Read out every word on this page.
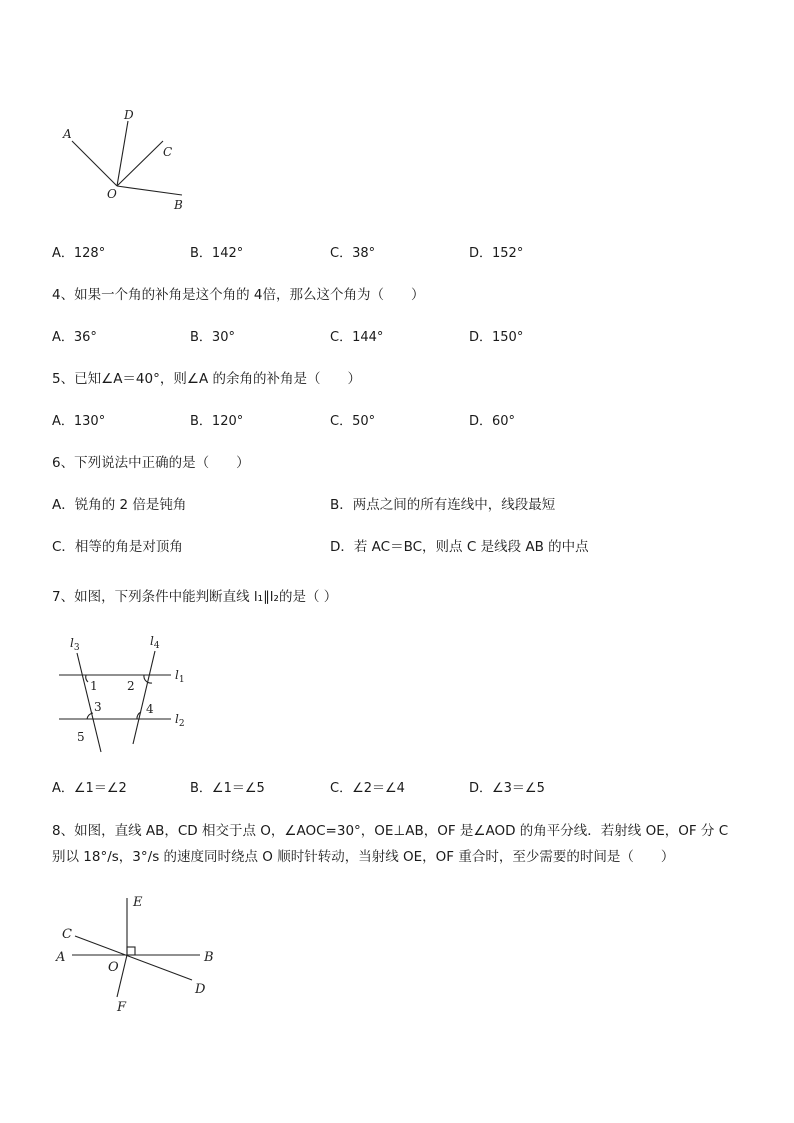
A
D
C
O
B
A．128°	B．142°	C．38°	D．152°
4、如果一个角的补角是这个角的 4倍，那么这个角为（　　）
A．36°	B．30°	C．144°	D．150°
5、已知∠A＝40°，则∠A 的余角的补角是（　　）
A．130°	B．120°	C．50°	D．60°
6、下列说法中正确的是（　　）
A．锐角的 2 倍是钝角	B．两点之间的所有连线中，线段最短
C．相等的角是对顶角	D．若 AC＝BC，则点 C 是线段 AB 的中点
7、如图，下列条件中能判断直线 l₁∥l₂的是（ ）
$l_3$	$l_4$
$l_1$
$l_2$
1 2
3	4
5
A．∠1＝∠2	B．∠1＝∠5	C．∠2＝∠4	D．∠3＝∠5
8、如图，直线 AB，CD 相交于点 O，∠AOC=30°，OE⊥AB，OF 是∠AOD 的角平分线．若射线 OE，OF 分 C
别以 18°/s，3°/s 的速度同时绕点 O 顺时针转动，当射线 OE，OF 重合时，至少需要的时间是（　　）
E
C
A
O
B
D
F
